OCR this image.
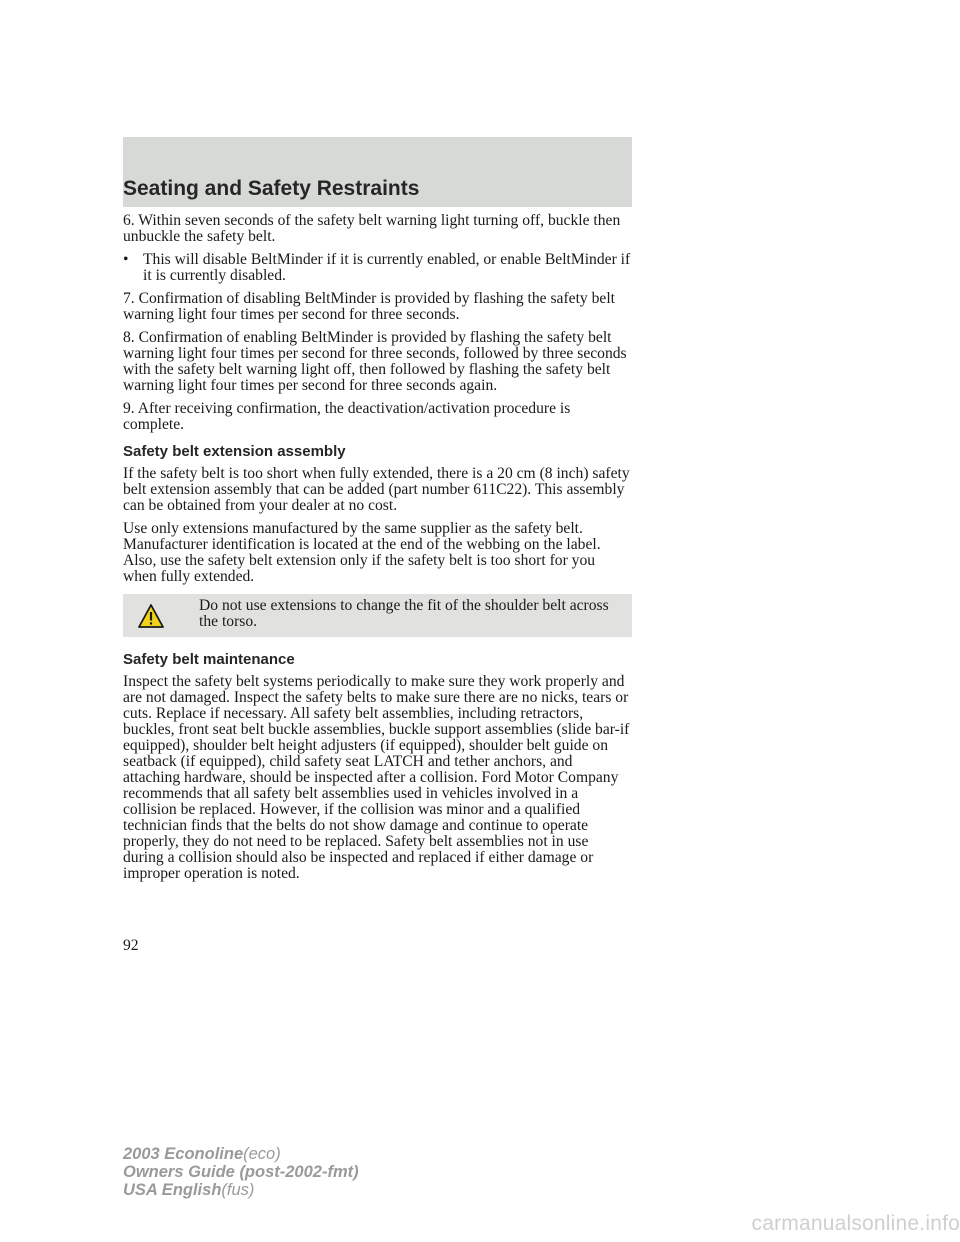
Seating and Safety Restraints

6. Within seven seconds of the safety belt warning light turning off, buckle then unbuckle the safety belt.

• This will disable BeltMinder if it is currently enabled, or enable BeltMinder if it is currently disabled.

7. Confirmation of disabling BeltMinder is provided by flashing the safety belt warning light four times per second for three seconds.

8. Confirmation of enabling BeltMinder is provided by flashing the safety belt warning light four times per second for three seconds, followed by three seconds with the safety belt warning light off, then followed by flashing the safety belt warning light four times per second for three seconds again.

9. After receiving confirmation, the deactivation/activation procedure is complete.

Safety belt extension assembly

If the safety belt is too short when fully extended, there is a 20 cm (8 inch) safety belt extension assembly that can be added (part number 611C22). This assembly can be obtained from your dealer at no cost.

Use only extensions manufactured by the same supplier as the safety belt. Manufacturer identification is located at the end of the webbing on the label. Also, use the safety belt extension only if the safety belt is too short for you when fully extended.

Do not use extensions to change the fit of the shoulder belt across the torso.
Safety belt maintenance

Inspect the safety belt systems periodically to make sure they work properly and are not damaged. Inspect the safety belts to make sure there are no nicks, tears or cuts. Replace if necessary. All safety belt assemblies, including retractors, buckles, front seat belt buckle assemblies, buckle support assemblies (slide bar-if equipped), shoulder belt height adjusters (if equipped), shoulder belt guide on seatback (if equipped), child safety seat LATCH and tether anchors, and attaching hardware, should be inspected after a collision. Ford Motor Company recommends that all safety belt assemblies used in vehicles involved in a collision be replaced. However, if the collision was minor and a qualified technician finds that the belts do not show damage and continue to operate properly, they do not need to be replaced. Safety belt assemblies not in use during a collision should also be inspected and replaced if either damage or improper operation is noted.

92
2003 Econoline(eco)
Owners Guide (post-2002-fmt)
USA English(fus)
carmanualsonline.info
